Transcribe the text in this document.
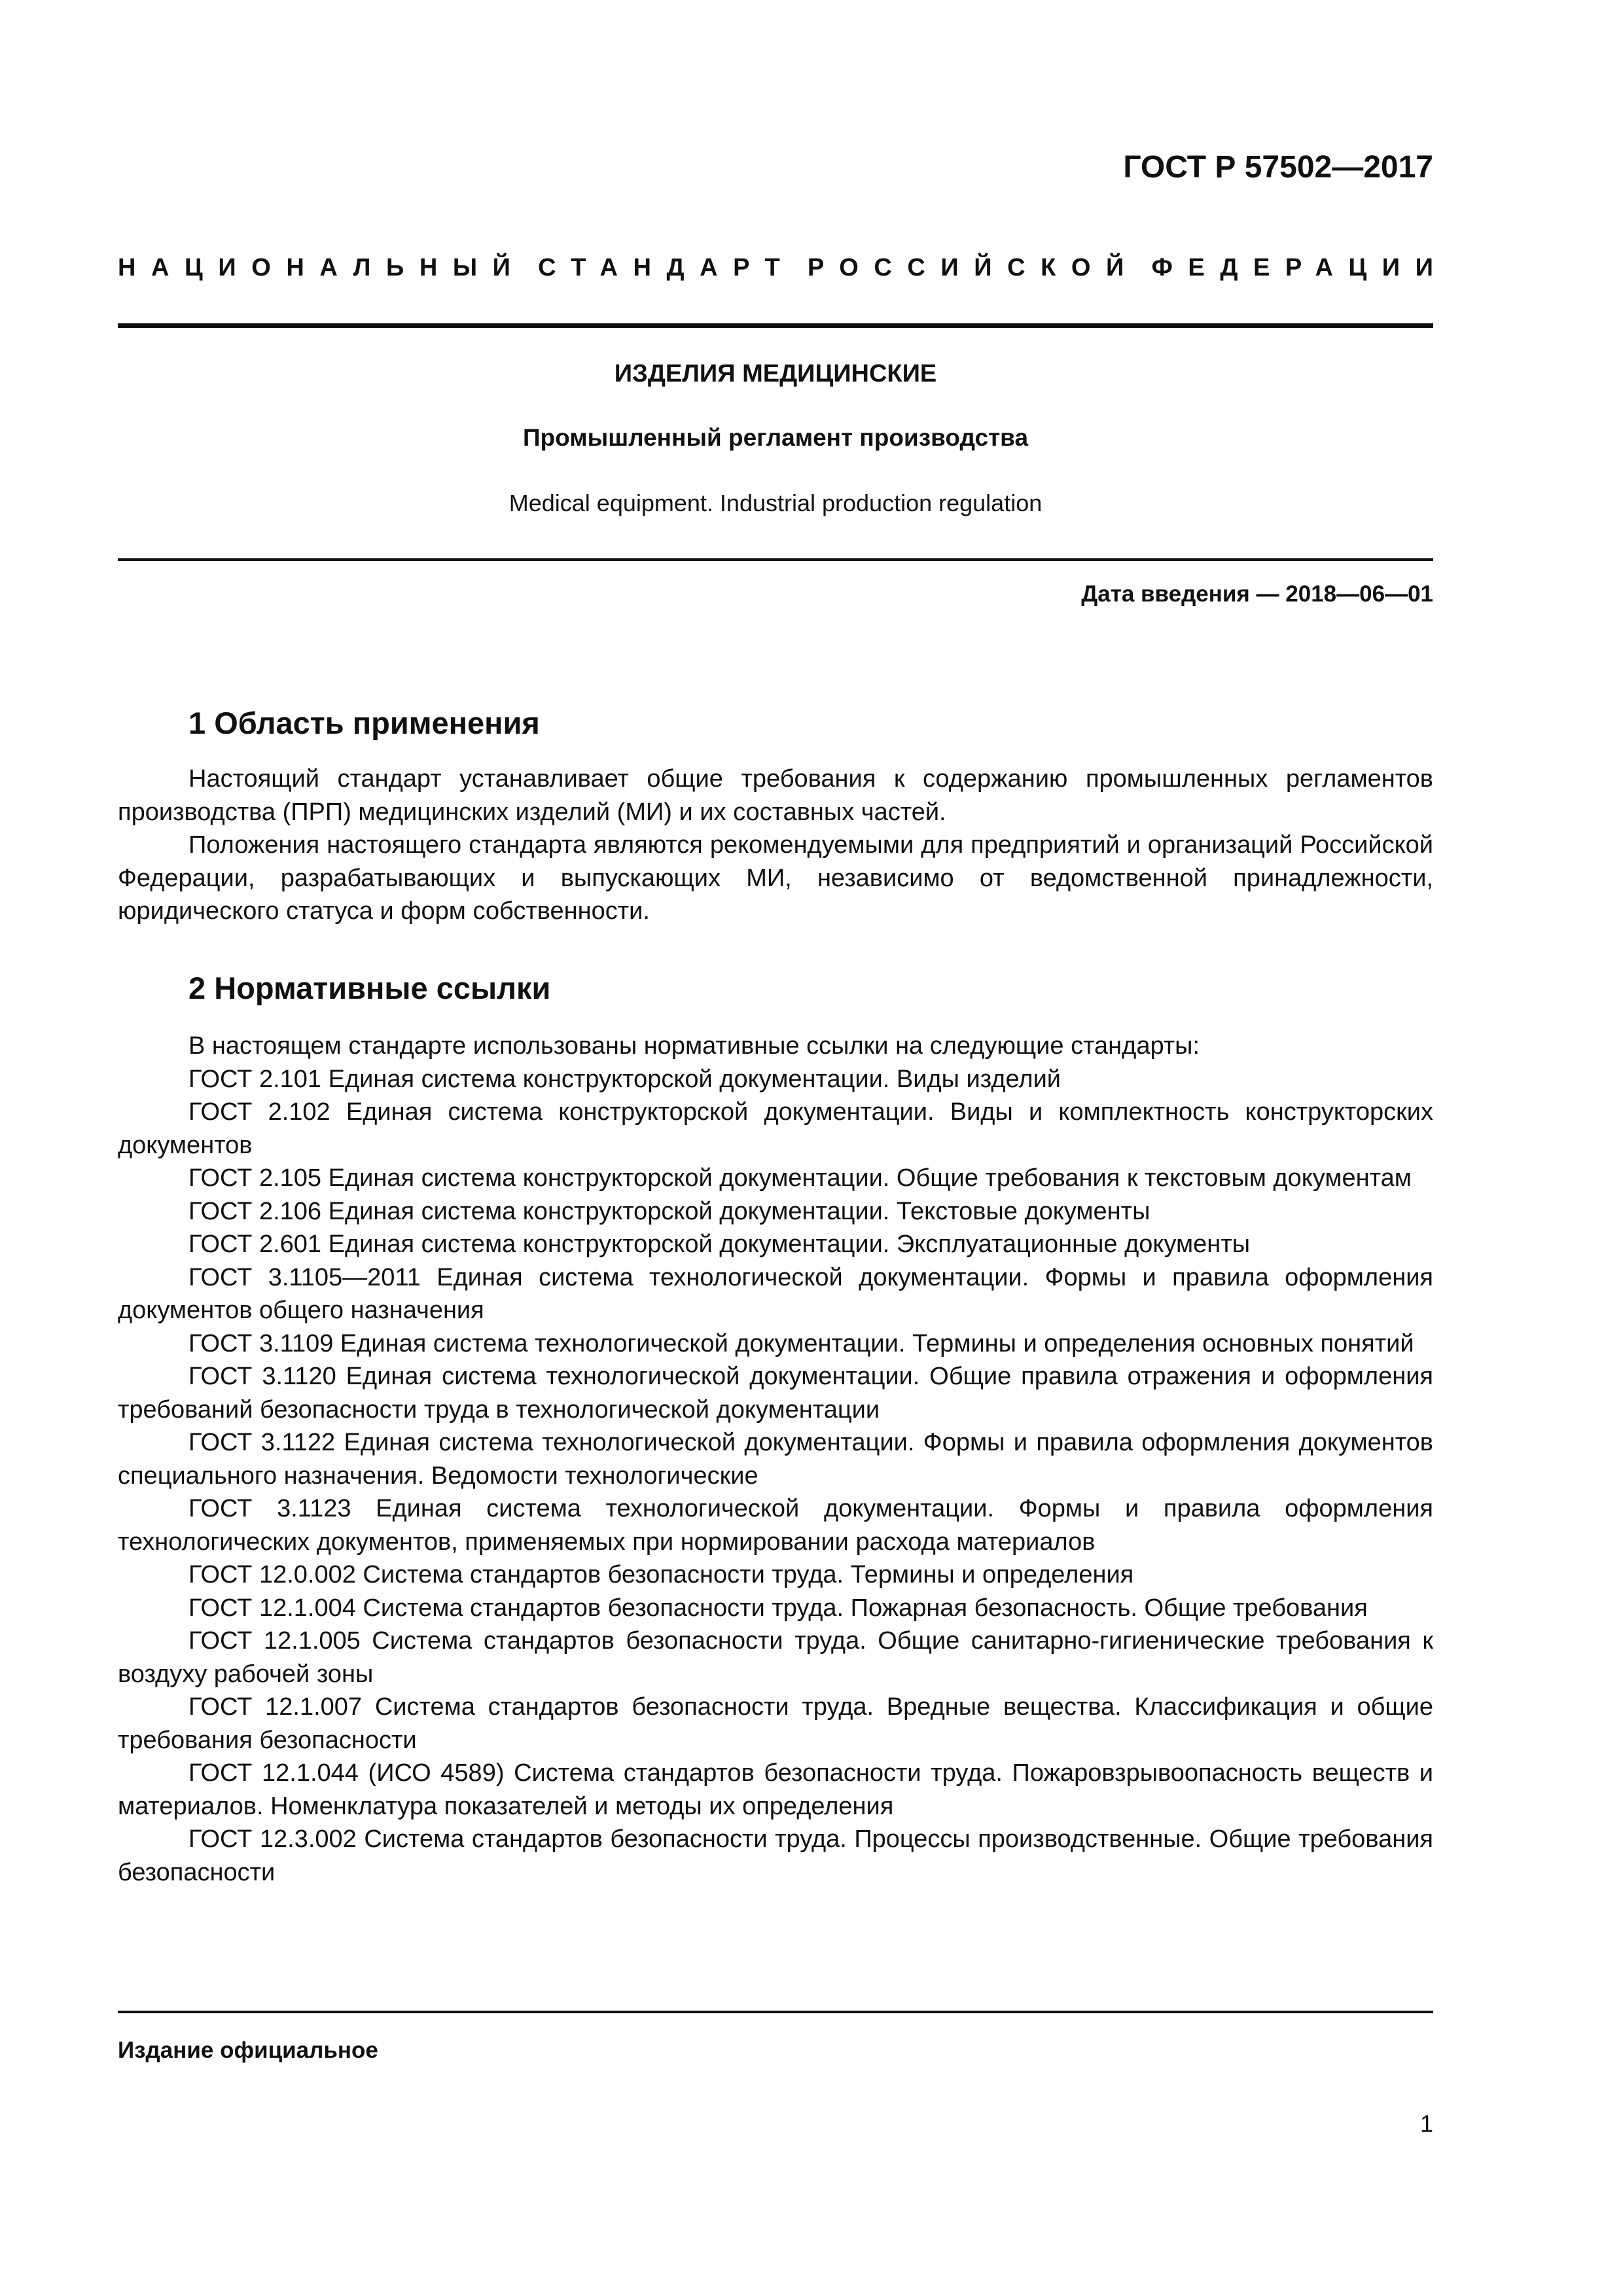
ГОСТ Р 57502—2017
НАЦИОНАЛЬНЫЙ СТАНДАРТ РОССИЙСКОЙ ФЕДЕРАЦИИ
ИЗДЕЛИЯ МЕДИЦИНСКИЕ
Промышленный регламент производства
Medical equipment. Industrial production regulation
Дата введения — 2018—06—01
1 Область применения

Настоящий стандарт устанавливает общие требования к содержанию промышленных регламентов производства (ПРП) медицинских изделий (МИ) и их составных частей.

Положения настоящего стандарта являются рекомендуемыми для предприятий и организаций Российской Федерации, разрабатывающих и выпускающих МИ, независимо от ведомственной принадлежности, юридического статуса и форм собственности.

2 Нормативные ссылки

В настоящем стандарте использованы нормативные ссылки на следующие стандарты:

ГОСТ 2.101 Единая система конструкторской документации. Виды изделий

ГОСТ 2.102 Единая система конструкторской документации. Виды и комплектность конструкторских документов

ГОСТ 2.105 Единая система конструкторской документации. Общие требования к текстовым документам

ГОСТ 2.106 Единая система конструкторской документации. Текстовые документы

ГОСТ 2.601 Единая система конструкторской документации. Эксплуатационные документы

ГОСТ 3.1105—2011 Единая система технологической документации. Формы и правила оформления документов общего назначения

ГОСТ 3.1109 Единая система технологической документации. Термины и определения основных понятий

ГОСТ 3.1120 Единая система технологической документации. Общие правила отражения и оформления требований безопасности труда в технологической документации

ГОСТ 3.1122 Единая система технологической документации. Формы и правила оформления документов специального назначения. Ведомости технологические

ГОСТ 3.1123 Единая система технологической документации. Формы и правила оформления технологических документов, применяемых при нормировании расхода материалов

ГОСТ 12.0.002 Система стандартов безопасности труда. Термины и определения

ГОСТ 12.1.004 Система стандартов безопасности труда. Пожарная безопасность. Общие требования

ГОСТ 12.1.005 Система стандартов безопасности труда. Общие санитарно-гигиенические требования к воздуху рабочей зоны

ГОСТ 12.1.007 Система стандартов безопасности труда. Вредные вещества. Классификация и общие требования безопасности

ГОСТ 12.1.044 (ИСО 4589) Система стандартов безопасности труда. Пожаровзрывоопасность веществ и материалов. Номенклатура показателей и методы их определения

ГОСТ 12.3.002 Система стандартов безопасности труда. Процессы производственные. Общие требования безопасности

Издание официальное
1
